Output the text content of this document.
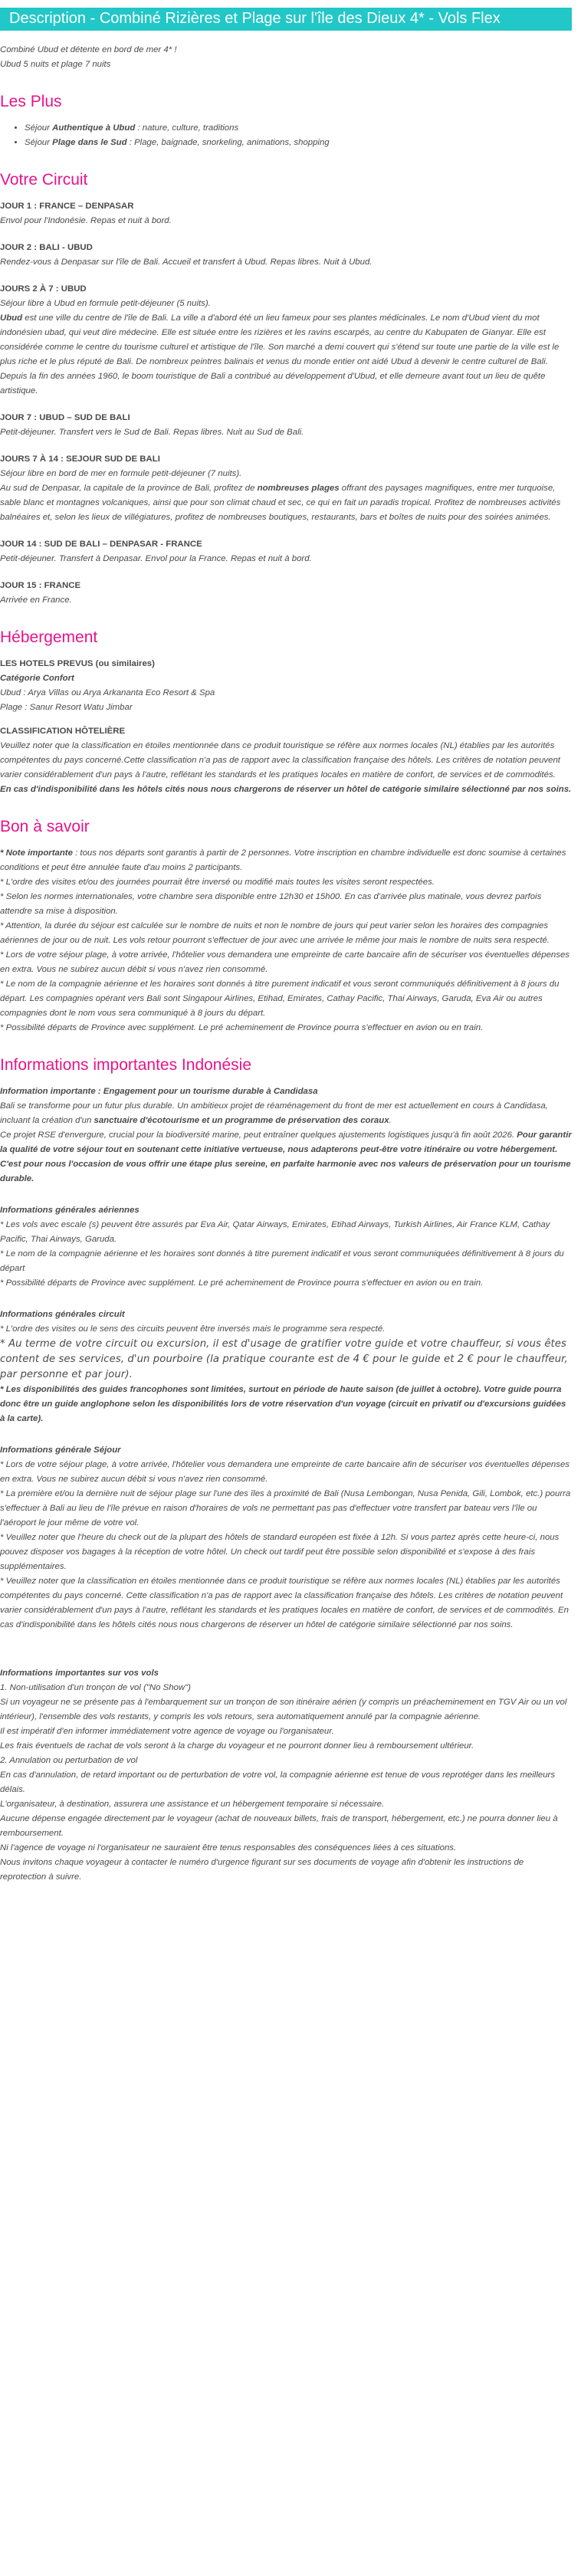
Description - Combiné Rizières et Plage sur l'île des Dieux 4* - Vols Flex
Combiné Ubud et détente en bord de mer 4* !
Ubud 5 nuits et plage 7 nuits
Les Plus
• Séjour Authentique à Ubud : nature, culture, traditions
• Séjour Plage dans le Sud : Plage, baignade, snorkeling, animations, shopping
Votre Circuit
JOUR 1 : FRANCE – DENPASAR
Envol pour l'Indonésie. Repas et nuit à bord.
JOUR 2 : BALI - UBUD
Rendez-vous à Denpasar sur l'île de Bali. Accueil et transfert à Ubud. Repas libres. Nuit à Ubud.
JOURS 2 À 7 : UBUD
Séjour libre à Ubud en formule petit-déjeuner (5 nuits).
Ubud est une ville du centre de l'île de Bali. La ville a d'abord été un lieu fameux pour ses plantes médicinales. Le nom d'Ubud vient du mot indonésien ubad, qui veut dire médecine. Elle est située entre les rizières et les ravins escarpés, au centre du Kabupaten de Gianyar. Elle est considérée comme le centre du tourisme culturel et artistique de l'île. Son marché a demi couvert qui s'étend sur toute une partie de la ville est le plus riche et le plus réputé de Bali. De nombreux peintres balinais et venus du monde entier ont aidé Ubud à devenir le centre culturel de Bali. Depuis la fin des années 1960, le boom touristique de Bali a contribué au développement d'Ubud, et elle demeure avant tout un lieu de quête artistique.
JOUR 7 : UBUD – SUD DE BALI
Petit-déjeuner. Transfert vers le Sud de Bali. Repas libres. Nuit au Sud de Bali.
JOURS 7 À 14 : SEJOUR SUD DE BALI
Séjour libre en bord de mer en formule petit-déjeuner (7 nuits).
Au sud de Denpasar, la capitale de la province de Bali, profitez de nombreuses plages offrant des paysages magnifiques, entre mer turquoise, sable blanc et montagnes volcaniques, ainsi que pour son climat chaud et sec, ce qui en fait un paradis tropical. Profitez de nombreuses activités balnéaires et, selon les lieux de villégiatures, profitez de nombreuses boutiques, restaurants, bars et boîtes de nuits pour des soirées animées.
JOUR 14 : SUD DE BALI – DENPASAR - FRANCE
Petit-déjeuner. Transfert à Denpasar. Envol pour la France. Repas et nuit à bord.
JOUR 15 : FRANCE
Arrivée en France.
Hébergement
LES HOTELS PREVUS (ou similaires)
Catégorie Confort
Ubud : Arya Villas ou Arya Arkananta Eco Resort & Spa
Plage : Sanur Resort Watu Jimbar
CLASSIFICATION HÔTELIÈRE
Veuillez noter que la classification en étoiles mentionnée dans ce produit touristique se réfère aux normes locales (NL) établies par les autorités compétentes du pays concerné.Cette classification n'a pas de rapport avec la classification française des hôtels. Les critères de notation peuvent varier considérablement d'un pays à l'autre, reflétant les standards et les pratiques locales en matière de confort, de services et de commodités.
En cas d'indisponibilité dans les hôtels cités nous nous chargerons de réserver un hôtel de catégorie similaire sélectionné par nos soins.
Bon à savoir
* Note importante : tous nos départs sont garantis à partir de 2 personnes. Votre inscription en chambre individuelle est donc soumise à certaines conditions et peut être annulée faute d'au moins 2 participants.
* L'ordre des visites et/ou des journées pourrait être inversé ou modifié mais toutes les visites seront respectées.
* Selon les normes internationales, votre chambre sera disponible entre 12h30 et 15h00. En cas d'arrivée plus matinale, vous devrez parfois attendre sa mise à disposition.
* Attention, la durée du séjour est calculée sur le nombre de nuits et non le nombre de jours qui peut varier selon les horaires des compagnies aériennes de jour ou de nuit. Les vols retour pourront s'effectuer de jour avec une arrivée le même jour mais le nombre de nuits sera respecté.
* Lors de votre séjour plage, à votre arrivée, l'hôtelier vous demandera une empreinte de carte bancaire afin de sécuriser vos éventuelles dépenses en extra. Vous ne subirez aucun débit si vous n'avez rien consommé.
* Le nom de la compagnie aérienne et les horaires sont donnés à titre purement indicatif et vous seront communiqués définitivement à 8 jours du départ. Les compagnies opérant vers Bali sont Singapour Airlines, Etihad, Emirates, Cathay Pacific, Thai Airways, Garuda, Eva Air ou autres compagnies dont le nom vous sera communiqué à 8 jours du départ.
* Possibilité départs de Province avec supplément. Le pré acheminement de Province pourra s'effectuer en avion ou en train.
Informations importantes Indonésie
Information importante : Engagement pour un tourisme durable à Candidasa
Bali se transforme pour un futur plus durable. Un ambitieux projet de réaménagement du front de mer est actuellement en cours à Candidasa, incluant la création d'un sanctuaire d'écotourisme et un programme de préservation des coraux.
Ce projet RSE d'envergure, crucial pour la biodiversité marine, peut entraîner quelques ajustements logistiques jusqu'à fin août 2026. Pour garantir la qualité de votre séjour tout en soutenant cette initiative vertueuse, nous adapterons peut-être votre itinéraire ou votre hébergement. C'est pour nous l'occasion de vous offrir une étape plus sereine, en parfaite harmonie avec nos valeurs de préservation pour un tourisme durable.
Informations générales aériennes
* Les vols avec escale (s) peuvent être assurés par Eva Air, Qatar Airways, Emirates, Etihad Airways, Turkish Airlines, Air France KLM, Cathay Pacific, Thai Airways, Garuda.
* Le nom de la compagnie aérienne et les horaires sont donnés à titre purement indicatif et vous seront communiquées définitivement à 8 jours du départ
* Possibilité départs de Province avec supplément. Le pré acheminement de Province pourra s'effectuer en avion ou en train.
Informations générales circuit
* L'ordre des visites ou le sens des circuits peuvent être inversés mais le programme sera respecté.
* Au terme de votre circuit ou excursion, il est d'usage de gratifier votre guide et votre chauffeur, si vous êtes content de ses services, d'un pourboire (la pratique courante est de 4 € pour le guide et 2 € pour le chauffeur, par personne et par jour).
* Les disponibilités des guides francophones sont limitées, surtout en période de haute saison (de juillet à octobre). Votre guide pourra donc être un guide anglophone selon les disponibilités lors de votre réservation d'un voyage (circuit en privatif ou d'excursions guidées à la carte).
Informations générale Séjour
* Lors de votre séjour plage, à votre arrivée, l'hôtelier vous demandera une empreinte de carte bancaire afin de sécuriser vos éventuelles dépenses en extra. Vous ne subirez aucun débit si vous n'avez rien consommé.
* La première et/ou la dernière nuit de séjour plage sur l'une des îles à proximité de Bali (Nusa Lembongan, Nusa Penida, Gili, Lombok, etc.) pourra s'effectuer à Bali au lieu de l'île prévue en raison d'horaires de vols ne permettant pas pas d'effectuer votre transfert par bateau vers l'île ou l'aéroport le jour même de votre vol.
* Veuillez noter que l'heure du check out de la plupart des hôtels de standard européen est fixée à 12h. Si vous partez après cette heure-ci, nous pouvez disposer vos bagages à la réception de votre hôtel. Un check out tardif peut être possible selon disponibilité et s'expose à des frais supplémentaires.
* Veuillez noter que la classification en étoiles mentionnée dans ce produit touristique se réfère aux normes locales (NL) établies par les autorités compétentes du pays concerné. Cette classification n'a pas de rapport avec la classification française des hôtels. Les critères de notation peuvent varier considérablement d'un pays à l'autre, reflétant les standards et les pratiques locales en matière de confort, de services et de commodités. En cas d'indisponibilité dans les hôtels cités nous nous chargerons de réserver un hôtel de catégorie similaire sélectionné par nos soins.
Informations importantes sur vos vols
1. Non-utilisation d'un tronçon de vol ("No Show")
Si un voyageur ne se présente pas à l'embarquement sur un tronçon de son itinéraire aérien (y compris un préacheminement en TGV Air ou un vol intérieur), l'ensemble des vols restants, y compris les vols retours, sera automatiquement annulé par la compagnie aérienne.
Il est impératif d'en informer immédiatement votre agence de voyage ou l'organisateur.
Les frais éventuels de rachat de vols seront à la charge du voyageur et ne pourront donner lieu à remboursement ultérieur.
2. Annulation ou perturbation de vol
En cas d'annulation, de retard important ou de perturbation de votre vol, la compagnie aérienne est tenue de vous reprotéger dans les meilleurs délais.
L'organisateur, à destination, assurera une assistance et un hébergement temporaire si nécessaire.
Aucune dépense engagée directement par le voyageur (achat de nouveaux billets, frais de transport, hébergement, etc.) ne pourra donner lieu à remboursement.
Ni l'agence de voyage ni l'organisateur ne sauraient être tenus responsables des conséquences liées à ces situations.
Nous invitons chaque voyageur à contacter le numéro d'urgence figurant sur ses documents de voyage afin d'obtenir les instructions de reprotection à suivre.
